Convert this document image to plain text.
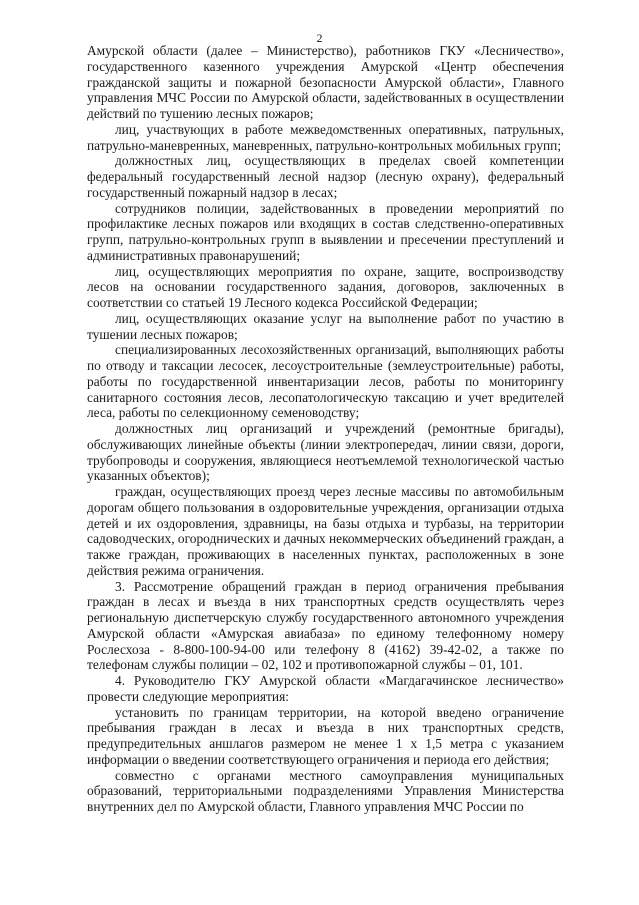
2

Амурской области (далее – Министерство), работников ГКУ «Лесничество», государственного казенного учреждения Амурской «Центр обеспечения гражданской защиты и пожарной безопасности Амурской области», Главного управления МЧС России по Амурской области, задействованных в осуществлении действий по тушению лесных пожаров;

лиц, участвующих в работе межведомственных оперативных, патрульных, патрульно-маневренных, маневренных, патрульно-контрольных мобильных групп;

должностных лиц, осуществляющих в пределах своей компетенции федеральный государственный лесной надзор (лесную охрану), федеральный государственный пожарный надзор в лесах;

сотрудников полиции, задействованных в проведении мероприятий по профилактике лесных пожаров или входящих в состав следственно-оперативных групп, патрульно-контрольных групп в выявлении и пресечении преступлений и административных правонарушений;

лиц, осуществляющих мероприятия по охране, защите, воспроизводству лесов на основании государственного задания, договоров, заключенных в соответствии со статьей 19 Лесного кодекса Российской Федерации;

лиц, осуществляющих оказание услуг на выполнение работ по участию в тушении лесных пожаров;

специализированных лесохозяйственных организаций, выполняющих работы по отводу и таксации лесосек, лесоустроительные (землеустроительные) работы, работы по государственной инвентаризации лесов, работы по мониторингу санитарного состояния лесов, лесопатологическую таксацию и учет вредителей леса, работы по селекционному семеноводству;

должностных лиц организаций и учреждений (ремонтные бригады), обслуживающих линейные объекты (линии электропередач, линии связи, дороги, трубопроводы и сооружения, являющиеся неотъемлемой технологической частью указанных объектов);

граждан, осуществляющих проезд через лесные массивы по автомобильным дорогам общего пользования в оздоровительные учреждения, организации отдыха детей и их оздоровления, здравницы, на базы отдыха и турбазы, на территории садоводческих, огороднических и дачных некоммерческих объединений граждан, а также граждан, проживающих в населенных пунктах, расположенных в зоне действия режима ограничения.

3. Рассмотрение обращений граждан в период ограничения пребывания граждан в лесах и въезда в них транспортных средств осуществлять через региональную диспетчерскую службу государственного автономного учреждения Амурской области «Амурская авиабаза» по единому телефонному номеру Рослесхоза - 8-800-100-94-00 или телефону 8 (4162) 39-42-02, а также по телефонам службы полиции – 02, 102 и противопожарной службы – 01, 101.

4. Руководителю ГКУ Амурской области «Магдагачинское лесничество» провести следующие мероприятия:

установить по границам территории, на которой введено ограничение пребывания граждан в лесах и въезда в них транспортных средств, предупредительных аншлагов размером не менее 1 х 1,5 метра с указанием информации о введении соответствующего ограничения и периода его действия;

совместно с органами местного самоуправления муниципальных образований, территориальными подразделениями Управления Министерства внутренних дел по Амурской области, Главного управления МЧС России по
